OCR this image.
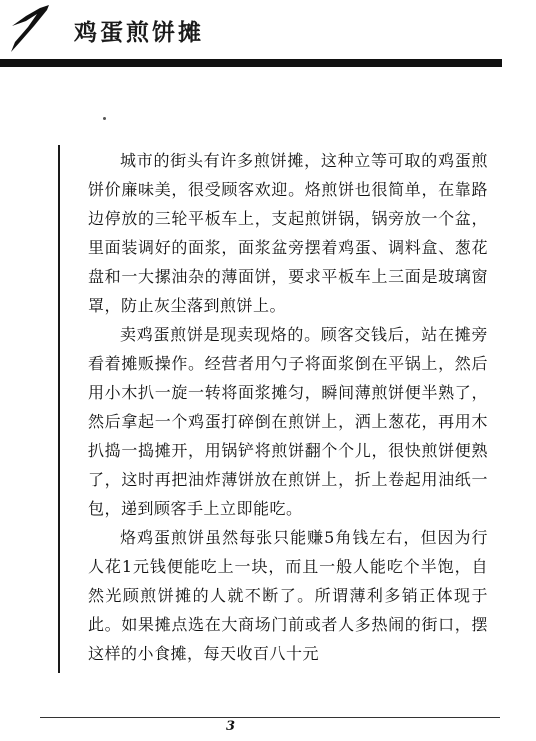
鸡蛋煎饼摊

城市的街头有许多煎饼摊，这种立等可取的鸡蛋煎饼价廉味美，很受顾客欢迎。烙煎饼也很简单，在靠路边停放的三轮平板车上，支起煎饼锅，锅旁放一个盆，里面装调好的面浆，面浆盆旁摆着鸡蛋、调料盒、葱花盘和一大摞油杂的薄面饼，要求平板车上三面是玻璃窗罩，防止灰尘落到煎饼上。

卖鸡蛋煎饼是现卖现烙的。顾客交钱后，站在摊旁看着摊贩操作。经营者用勺子将面浆倒在平锅上，然后用小木扒一旋一转将面浆摊匀，瞬间薄煎饼便半熟了，然后拿起一个鸡蛋打碎倒在煎饼上，洒上葱花，再用木扒捣一捣摊开，用锅铲将煎饼翻个个儿，很快煎饼便熟了，这时再把油炸薄饼放在煎饼上，折上卷起用油纸一包，递到顾客手上立即能吃。

烙鸡蛋煎饼虽然每张只能赚5角钱左右，但因为行人花1元钱便能吃上一块，而且一般人能吃个半饱，自然光顾煎饼摊的人就不断了。所谓薄利多销正体现于此。如果摊点选在大商场门前或者人多热闹的街口，摆这样的小食摊，每天收百八十元

3
